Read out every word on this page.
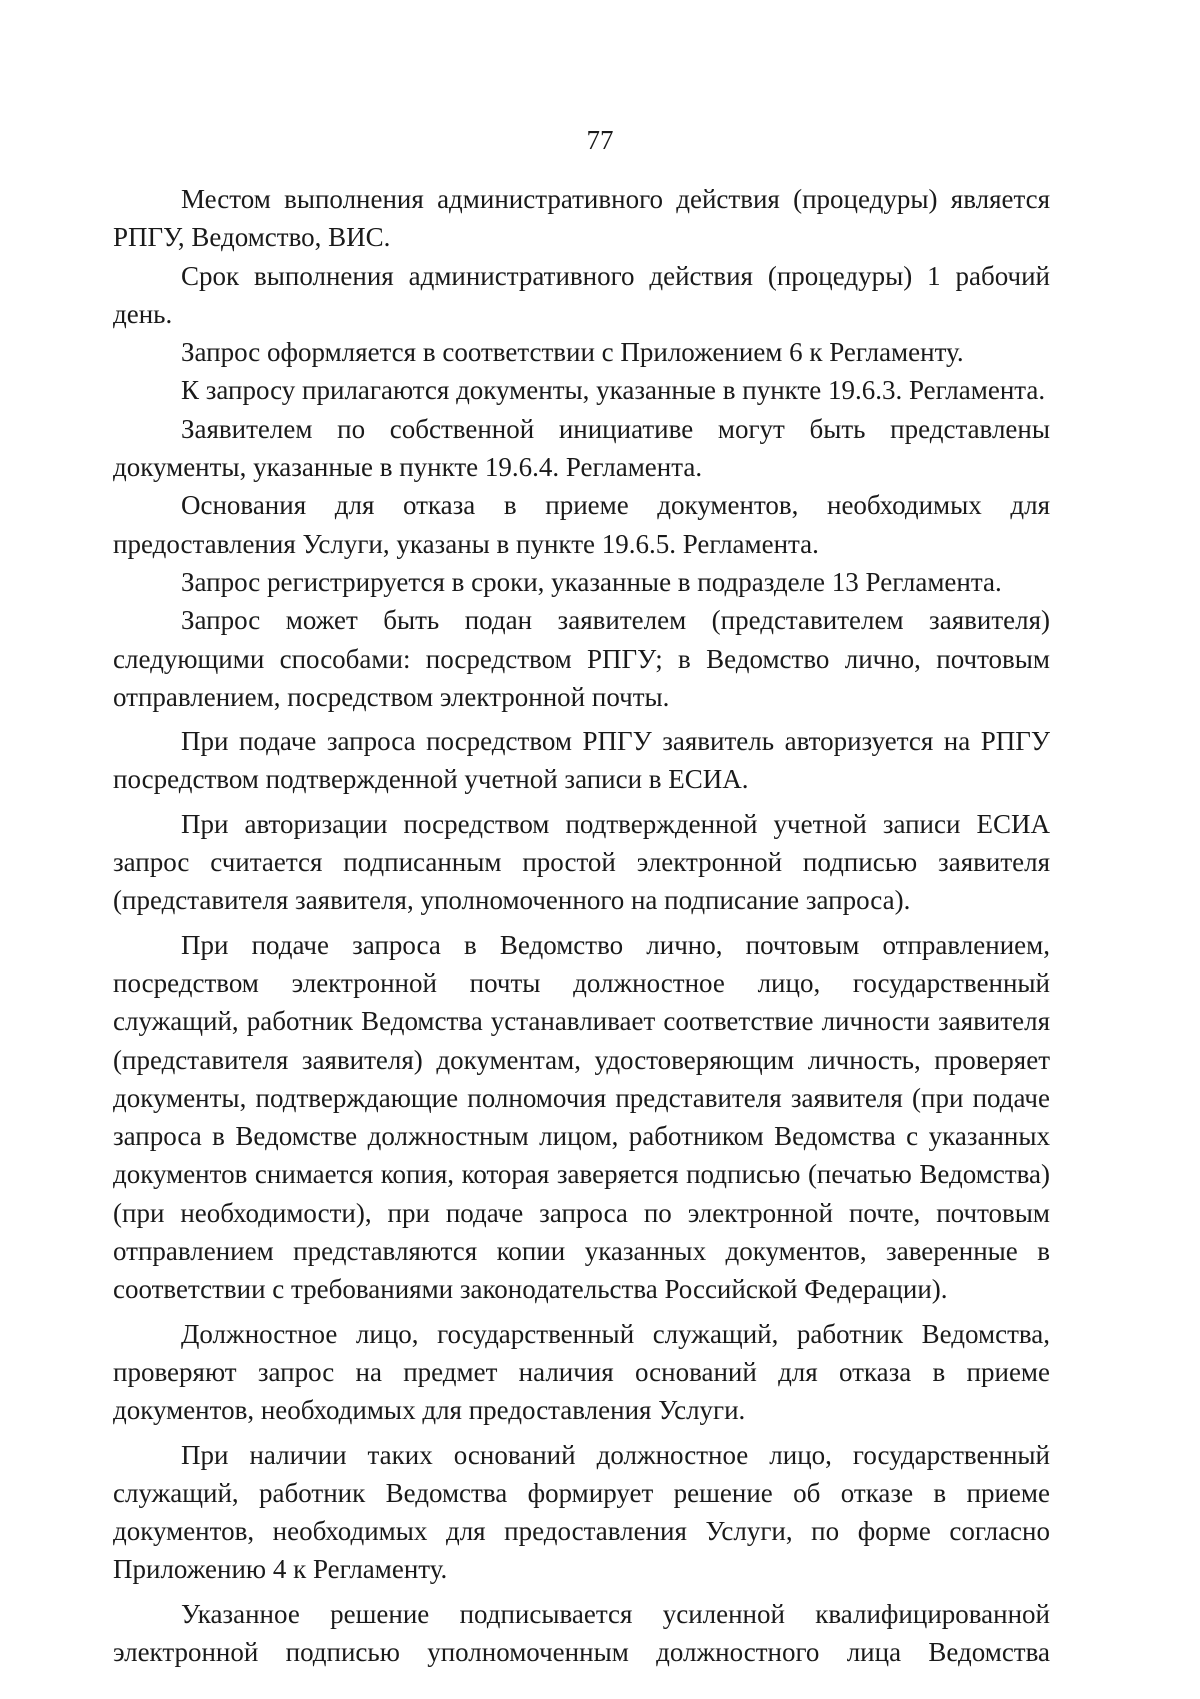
77

Местом выполнения административного действия (процедуры) является РПГУ, Ведомство, ВИС.

Срок выполнения административного действия (процедуры) 1 рабочий день.

Запрос оформляется в соответствии с Приложением 6 к Регламенту.

К запросу прилагаются документы, указанные в пункте 19.6.3. Регламента.

Заявителем по собственной инициативе могут быть представлены документы, указанные в пункте 19.6.4. Регламента.

Основания для отказа в приеме документов, необходимых для предоставления Услуги, указаны в пункте 19.6.5. Регламента.

Запрос регистрируется в сроки, указанные в подразделе 13 Регламента.

Запрос может быть подан заявителем (представителем заявителя) следующими способами: посредством РПГУ; в Ведомство лично, почтовым отправлением, посредством электронной почты.

При подаче запроса посредством РПГУ заявитель авторизуется на РПГУ посредством подтвержденной учетной записи в ЕСИА.

При авторизации посредством подтвержденной учетной записи ЕСИА запрос считается подписанным простой электронной подписью заявителя (представителя заявителя, уполномоченного на подписание запроса).

При подаче запроса в Ведомство лично, почтовым отправлением, посредством электронной почты должностное лицо, государственный служащий, работник Ведомства устанавливает соответствие личности заявителя (представителя заявителя) документам, удостоверяющим личность, проверяет документы, подтверждающие полномочия представителя заявителя (при подаче запроса в Ведомстве должностным лицом, работником Ведомства с указанных документов снимается копия, которая заверяется подписью (печатью Ведомства) (при необходимости), при подаче запроса по электронной почте, почтовым отправлением представляются копии указанных документов, заверенные в соответствии с требованиями законодательства Российской Федерации).

Должностное лицо, государственный служащий, работник Ведомства, проверяют запрос на предмет наличия оснований для отказа в приеме документов, необходимых для предоставления Услуги.

При наличии таких оснований должностное лицо, государственный служащий, работник Ведомства формирует решение об отказе в приеме документов, необходимых для предоставления Услуги, по форме согласно Приложению 4 к Регламенту.

Указанное решение подписывается усиленной квалифицированной электронной подписью уполномоченным должностного лица Ведомства
